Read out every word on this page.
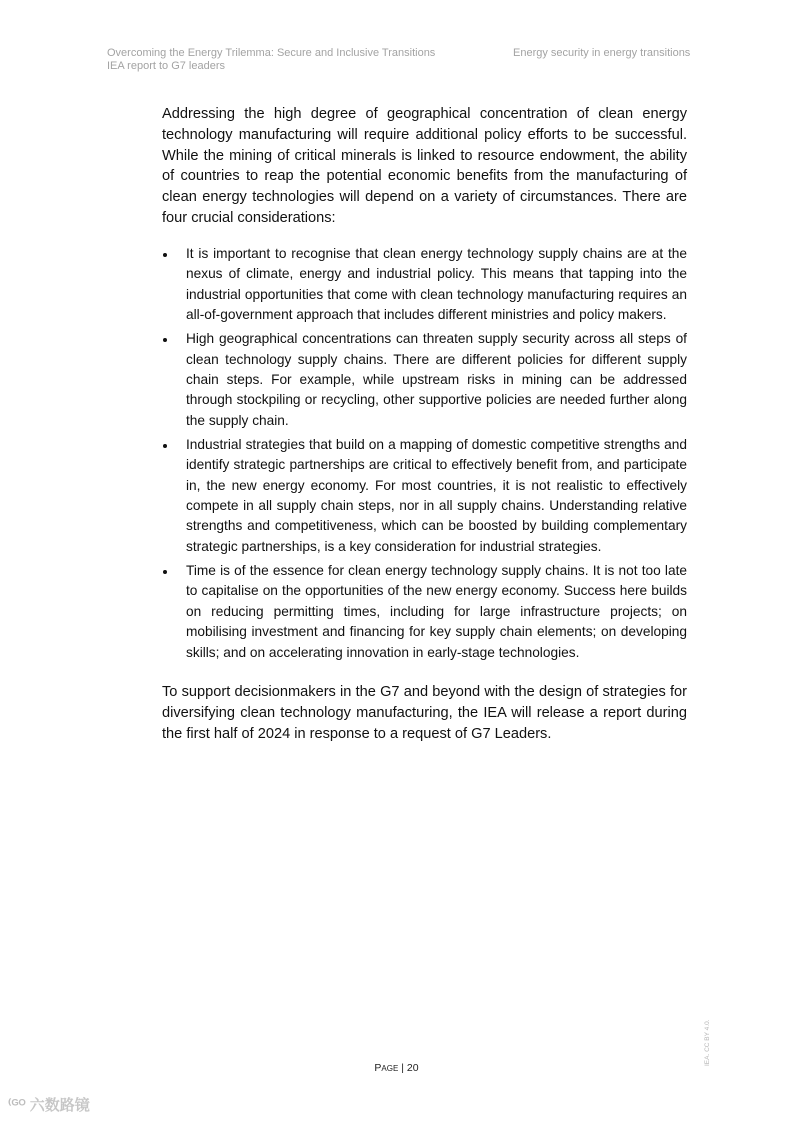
Overcoming the Energy Trilemma: Secure and Inclusive Transitions
IEA report to G7 leaders
Energy security in energy transitions

Addressing the high degree of geographical concentration of clean energy technology manufacturing will require additional policy efforts to be successful. While the mining of critical minerals is linked to resource endowment, the ability of countries to reap the potential economic benefits from the manufacturing of clean energy technologies will depend on a variety of circumstances. There are four crucial considerations:

It is important to recognise that clean energy technology supply chains are at the nexus of climate, energy and industrial policy. This means that tapping into the industrial opportunities that come with clean technology manufacturing requires an all-of-government approach that includes different ministries and policy makers.
High geographical concentrations can threaten supply security across all steps of clean technology supply chains. There are different policies for different supply chain steps. For example, while upstream risks in mining can be addressed through stockpiling or recycling, other supportive policies are needed further along the supply chain.
Industrial strategies that build on a mapping of domestic competitive strengths and identify strategic partnerships are critical to effectively benefit from, and participate in, the new energy economy. For most countries, it is not realistic to effectively compete in all supply chain steps, nor in all supply chains. Understanding relative strengths and competitiveness, which can be boosted by building complementary strategic partnerships, is a key consideration for industrial strategies.
Time is of the essence for clean energy technology supply chains. It is not too late to capitalise on the opportunities of the new energy economy. Success here builds on reducing permitting times, including for large infrastructure projects; on mobilising investment and financing for key supply chain elements; on developing skills; and on accelerating innovation in early-stage technologies.

To support decisionmakers in the G7 and beyond with the design of strategies for diversifying clean technology manufacturing, the IEA will release a report during the first half of 2024 in response to a request of G7 Leaders.

PAGE | 20
IEA. CC BY 4.0.
⁽ᴳᴼ 六数路镜
